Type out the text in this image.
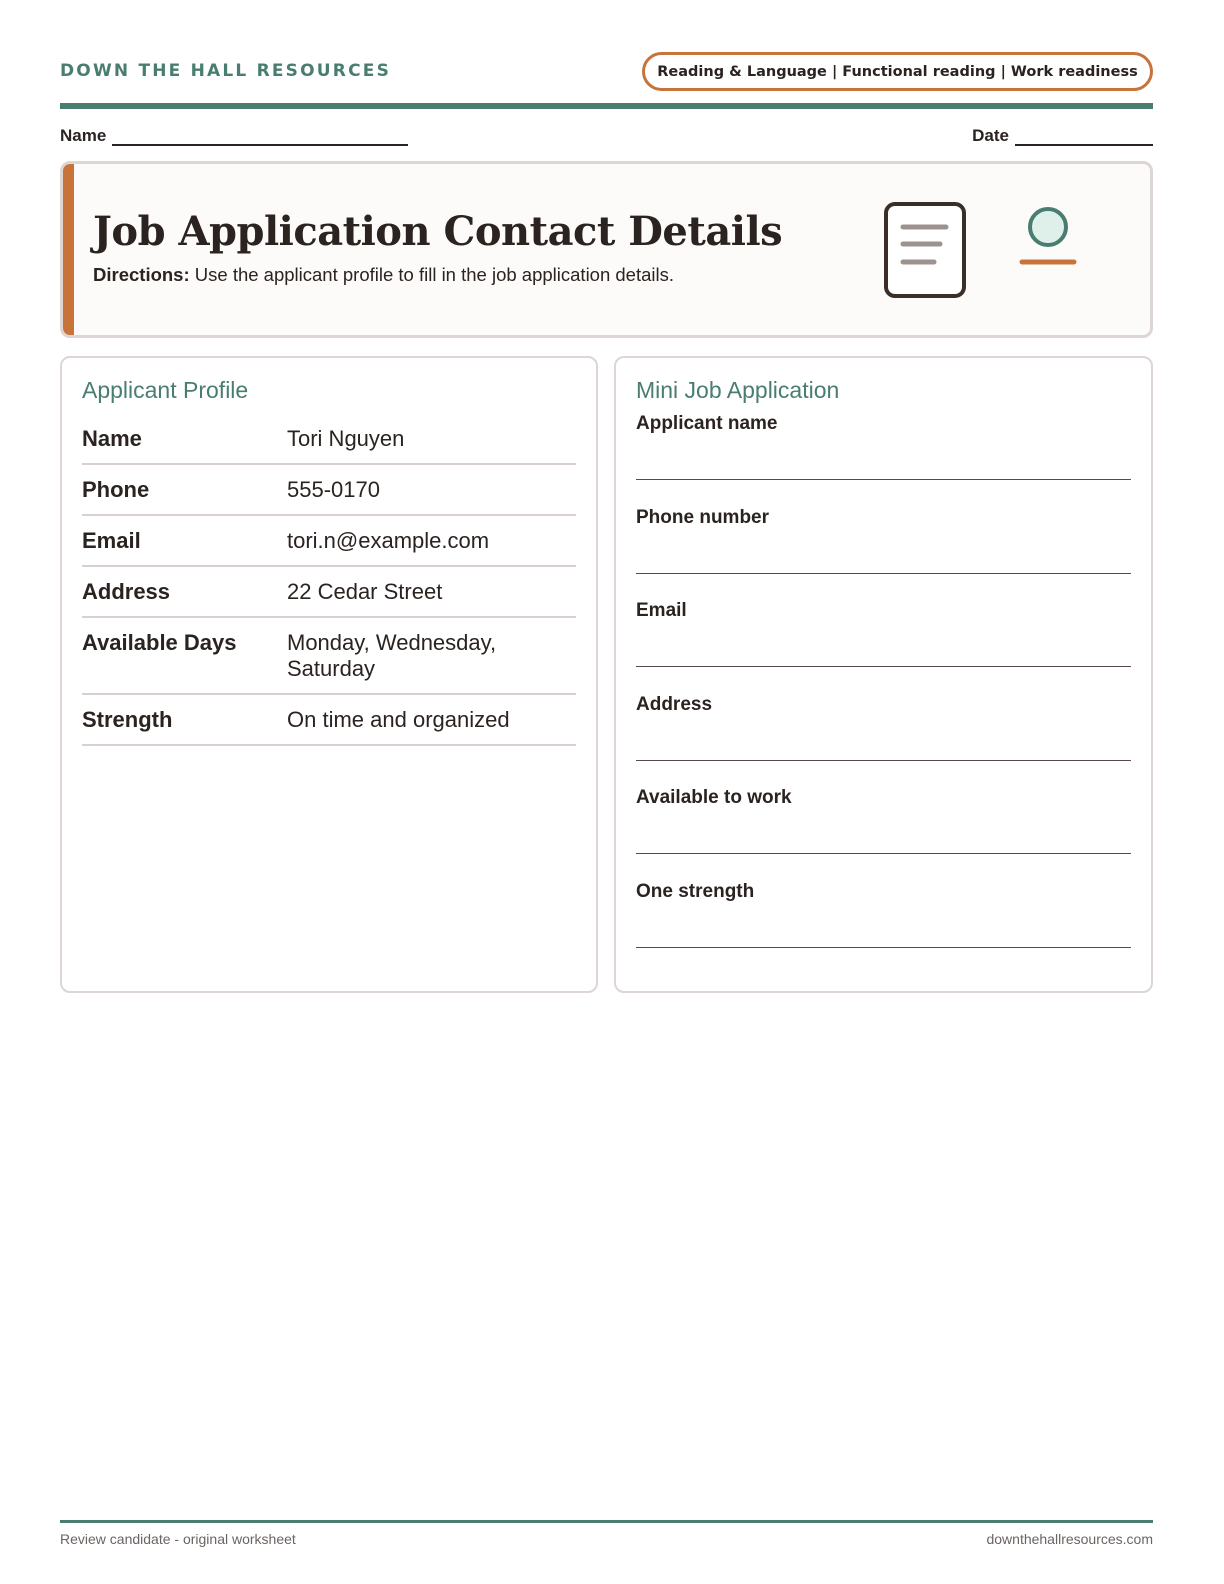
DOWN THE HALL RESOURCES	Reading & Language | Functional reading | Work readiness
Name	Date
Job Application Contact Details
Directions: Use the applicant profile to fill in the job application details.
Applicant Profile
Name	Tori Nguyen
Phone	555-0170
Email	tori.n@example.com
Address	22 Cedar Street
Available Days	Monday, Wednesday, Saturday
Strength	On time and organized
Mini Job Application
Applicant name
Phone number
Email
Address
Available to work
One strength
Review candidate - original worksheet	downthehallresources.com
